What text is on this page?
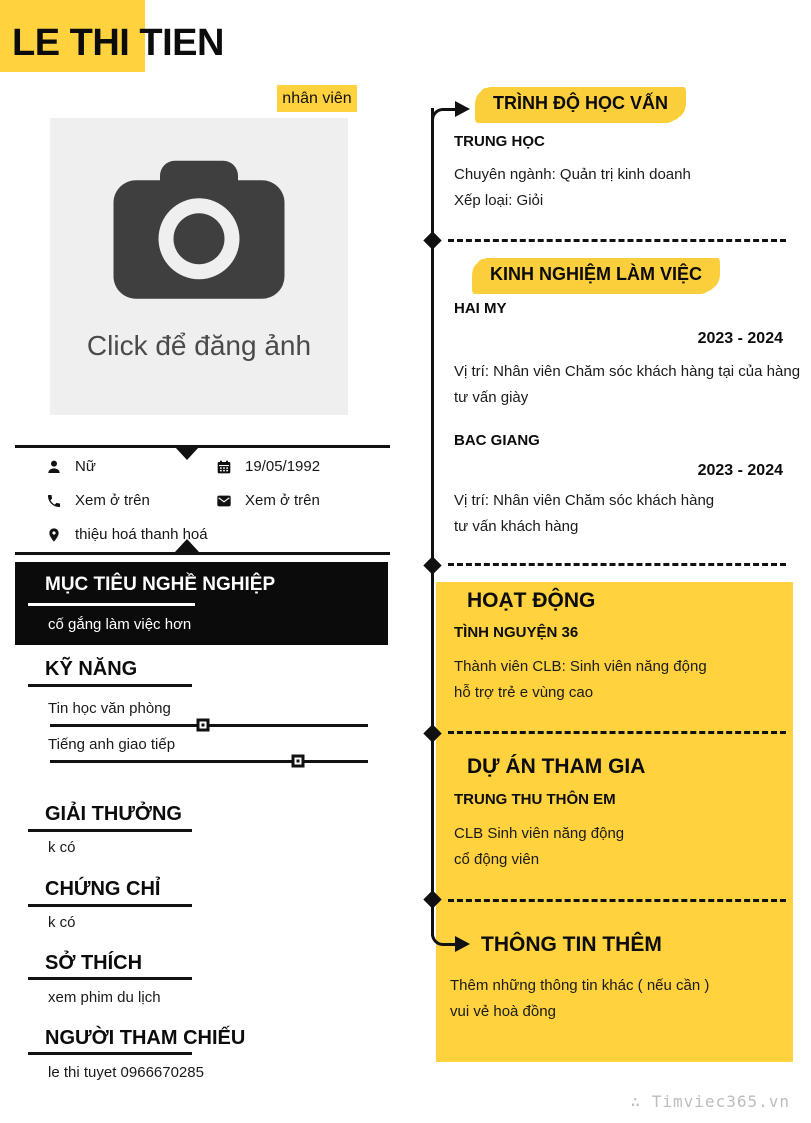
LE THI TIEN
nhân viên
Click để đăng ảnh
Nữ	19/05/1992
Xem ở trên	Xem ở trên
thiệu hoá thanh hoá
MỤC TIÊU NGHỀ NGHIỆP
cố gắng làm việc hơn
KỸ NĂNG
Tin học văn phòng
Tiếng anh giao tiếp
GIẢI THƯỞNG
k có
CHỨNG CHỈ
k có
SỞ THÍCH
xem phim du lịch
NGƯỜI THAM CHIẾU
le thi tuyet 0966670285
TRÌNH ĐỘ HỌC VẤN
TRUNG HỌC
Chuyên ngành: Quản trị kinh doanh
Xếp loại: Giỏi
KINH NGHIỆM LÀM VIỆC
HAI MY
2023 - 2024
Vị trí: Nhân viên Chăm sóc khách hàng tại của hàng
tư vấn giày
BAC GIANG
2023 - 2024
Vị trí: Nhân viên Chăm sóc khách hàng
tư vấn khách hàng
HOẠT ĐỘNG
TÌNH NGUYỆN 36
Thành viên CLB: Sinh viên năng động
hỗ trợ trẻ e vùng cao
DỰ ÁN THAM GIA
TRUNG THU THÔN EM
CLB Sinh viên năng động
cổ động viên
THÔNG TIN THÊM
Thêm những thông tin khác ( nếu cần )
vui vẻ hoà đồng
∴ Timviec365.vn
